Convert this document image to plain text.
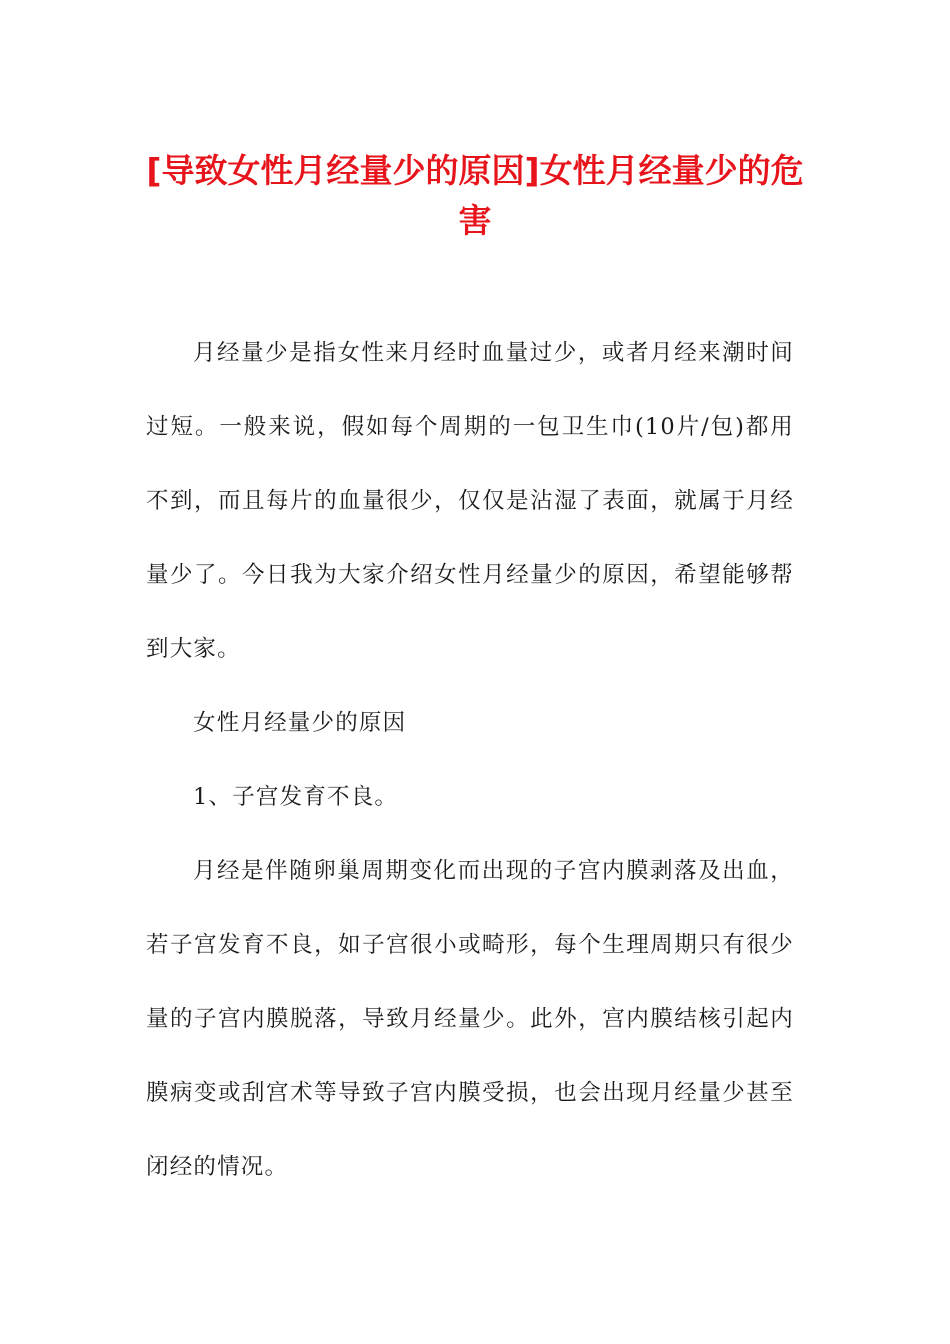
[导致女性月经量少的原因]女性月经量少的危害

月经量少是指女性来月经时血量过少，或者月经来潮时间过短。一般来说，假如每个周期的一包卫生巾(10片/包)都用不到，而且每片的血量很少，仅仅是沾湿了表面，就属于月经量少了。今日我为大家介绍女性月经量少的原因，希望能够帮到大家。

女性月经量少的原因

1、子宫发育不良。

月经是伴随卵巢周期变化而出现的子宫内膜剥落及出血，若子宫发育不良，如子宫很小或畸形，每个生理周期只有很少量的子宫内膜脱落，导致月经量少。此外，宫内膜结核引起内膜病变或刮宫术等导致子宫内膜受损，也会出现月经量少甚至闭经的情况。
